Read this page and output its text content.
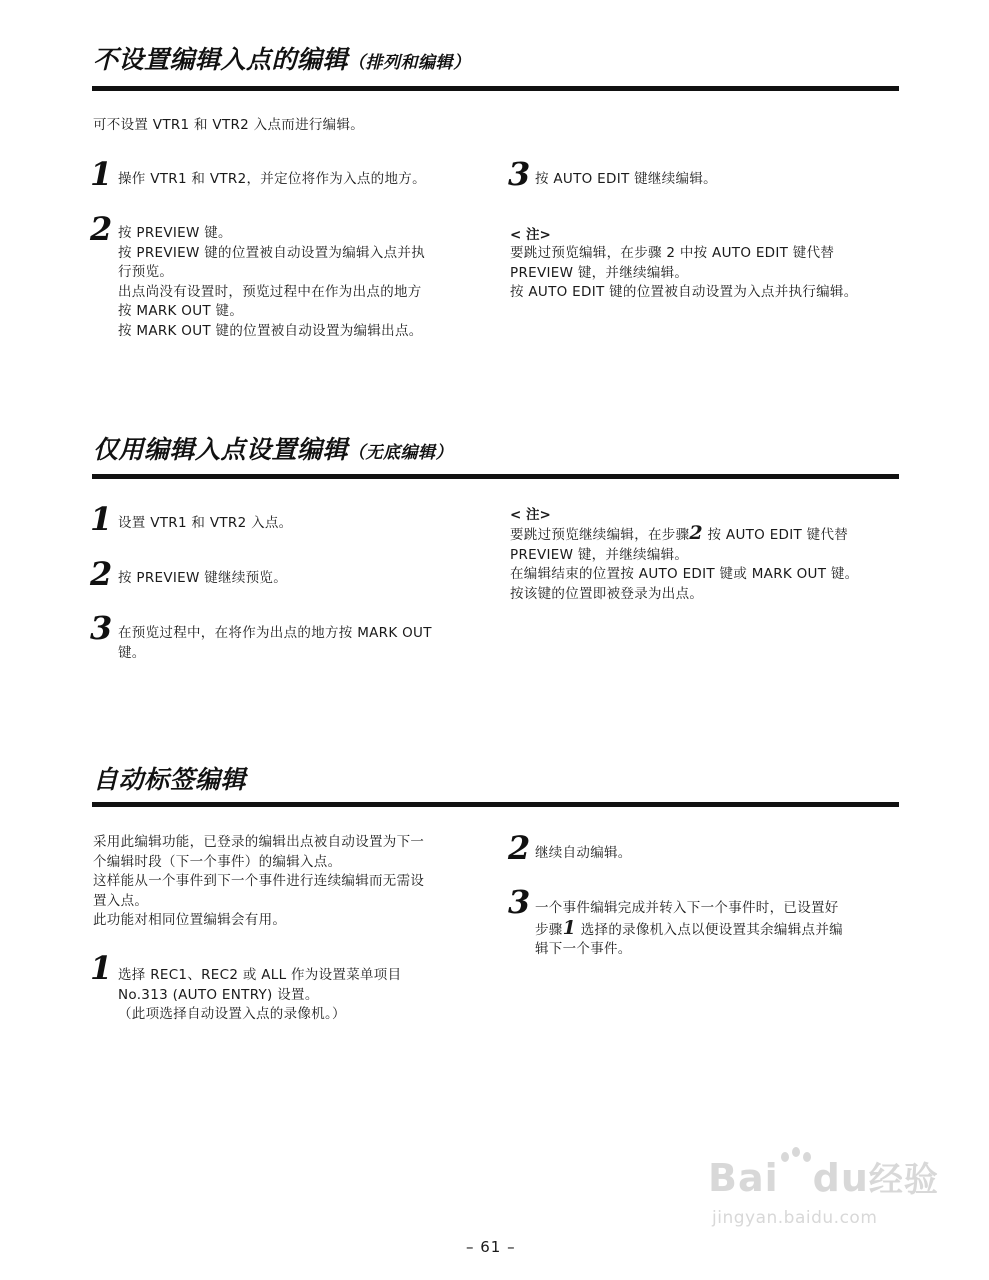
不设置编辑入点的编辑（排列和编辑）
可不设置 VTR1 和 VTR2 入点而进行编辑。
1 操作 VTR1 和 VTR2，并定位将作为入点的地方。
2 按 PREVIEW 键。
按 PREVIEW 键的位置被自动设置为编辑入点并执
行预览。
出点尚没有设置时，预览过程中在作为出点的地方
按 MARK OUT 键。
按 MARK OUT 键的位置被自动设置为编辑出点。
3 按 AUTO EDIT 键继续编辑。
< 注>
要跳过预览编辑，在步骤 2 中按 AUTO EDIT 键代替
PREVIEW 键，并继续编辑。
按 AUTO EDIT 键的位置被自动设置为入点并执行编辑。
仅用编辑入点设置编辑（无底编辑）
1 设置 VTR1 和 VTR2 入点。
2 按 PREVIEW 键继续预览。
3 在预览过程中，在将作为出点的地方按 MARK OUT
键。
< 注>
要跳过预览继续编辑，在步骤2 按 AUTO EDIT 键代替
PREVIEW 键，并继续编辑。
在编辑结束的位置按 AUTO EDIT 键或 MARK OUT 键。
按该键的位置即被登录为出点。
自动标签编辑
采用此编辑功能，已登录的编辑出点被自动设置为下一
个编辑时段（下一个事件）的编辑入点。
这样能从一个事件到下一个事件进行连续编辑而无需设
置入点。
此功能对相同位置编辑会有用。
1 选择 REC1、REC2 或 ALL 作为设置菜单项目
No.313 (AUTO ENTRY) 设置。
（此项选择自动设置入点的录像机。）
2 继续自动编辑。
3 一个事件编辑完成并转入下一个事件时，已设置好
步骤1 选择的录像机入点以便设置其余编辑点并编
辑下一个事件。
Bai du经验
jingyan.baidu.com
– 61 –
